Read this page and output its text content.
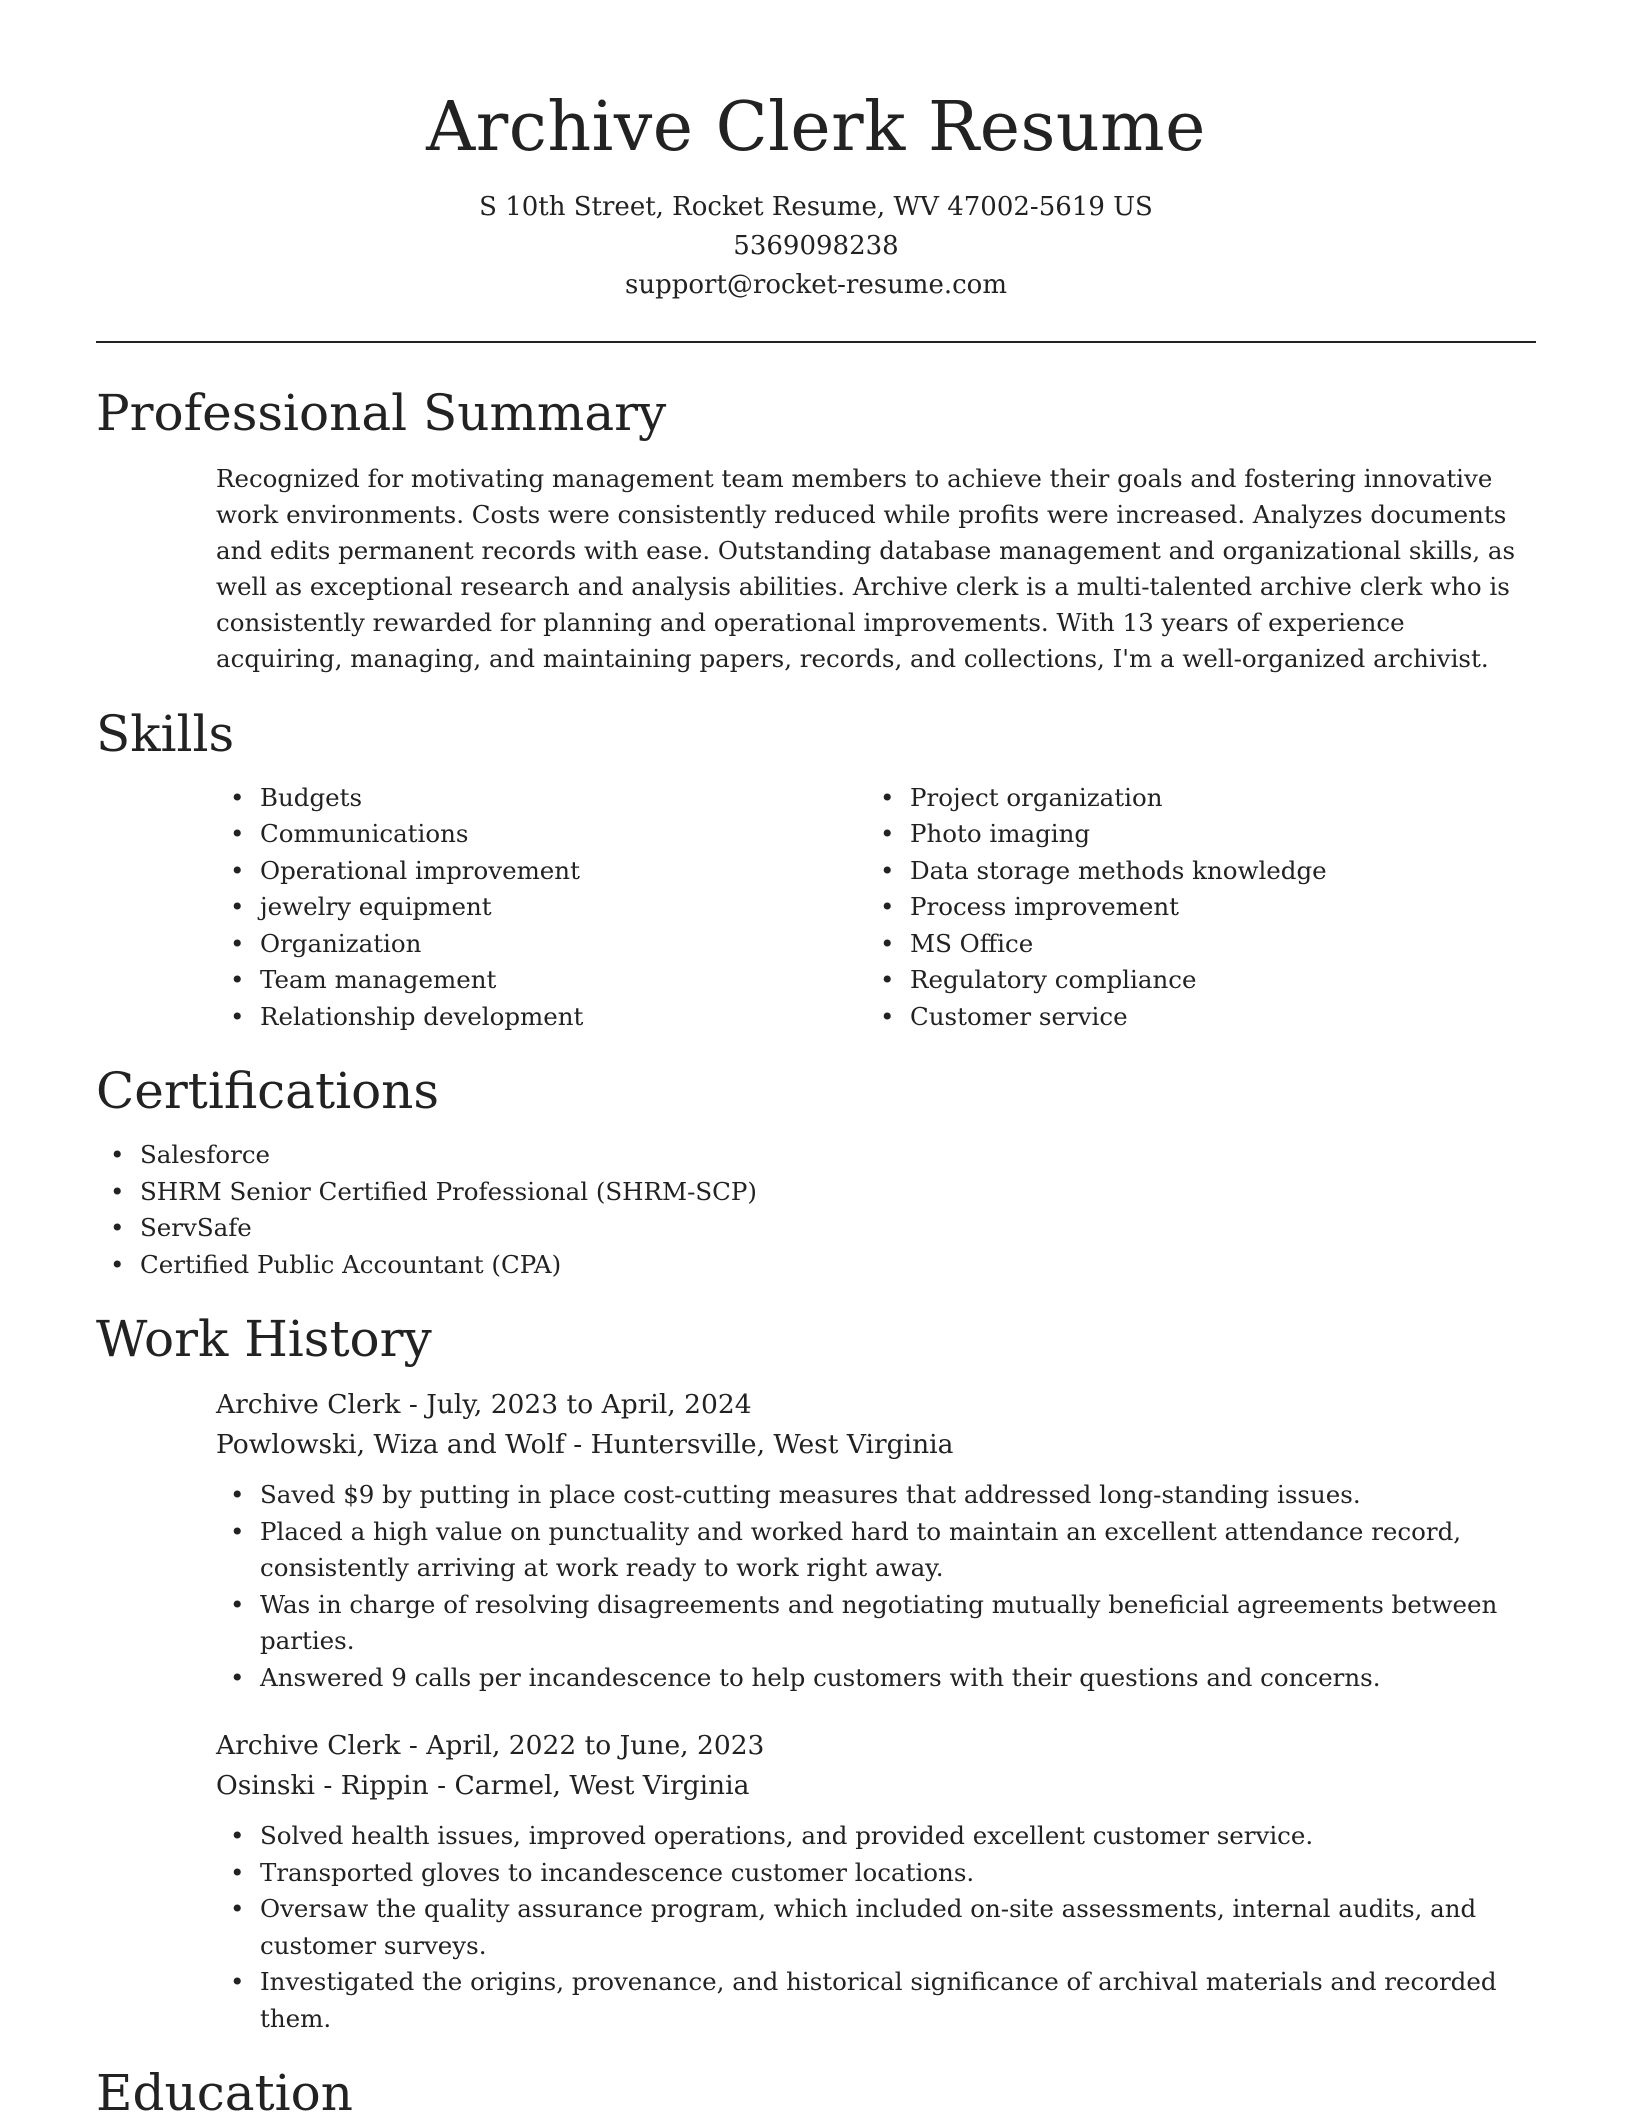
Archive Clerk Resume
S 10th Street, Rocket Resume, WV 47002-5619 US
5369098238
support@rocket-resume.com
Professional Summary

Recognized for motivating management team members to achieve their goals and fostering innovative work environments. Costs were consistently reduced while profits were increased. Analyzes documents and edits permanent records with ease. Outstanding database management and organizational skills, as well as exceptional research and analysis abilities. Archive clerk is a multi-talented archive clerk who is consistently rewarded for planning and operational improvements. With 13 years of experience acquiring, managing, and maintaining papers, records, and collections, I'm a well-organized archivist.

Skills
• Budgets
• Communications
• Operational improvement
• jewelry equipment
• Organization
• Team management
• Relationship development
• Project organization
• Photo imaging
• Data storage methods knowledge
• Process improvement
• MS Office
• Regulatory compliance
• Customer service
Certifications
• Salesforce
• SHRM Senior Certified Professional (SHRM-SCP)
• ServSafe
• Certified Public Accountant (CPA)
Work History
Archive Clerk - July, 2023 to April, 2024
Powlowski, Wiza and Wolf - Huntersville, West Virginia
• Saved $9 by putting in place cost-cutting measures that addressed long-standing issues.
• Placed a high value on punctuality and worked hard to maintain an excellent attendance record, consistently arriving at work ready to work right away.
• Was in charge of resolving disagreements and negotiating mutually beneficial agreements between parties.
• Answered 9 calls per incandescence to help customers with their questions and concerns.
Archive Clerk - April, 2022 to June, 2023
Osinski - Rippin - Carmel, West Virginia
• Solved health issues, improved operations, and provided excellent customer service.
• Transported gloves to incandescence customer locations.
• Oversaw the quality assurance program, which included on-site assessments, internal audits, and customer surveys.
• Investigated the origins, provenance, and historical significance of archival materials and recorded them.
Education
